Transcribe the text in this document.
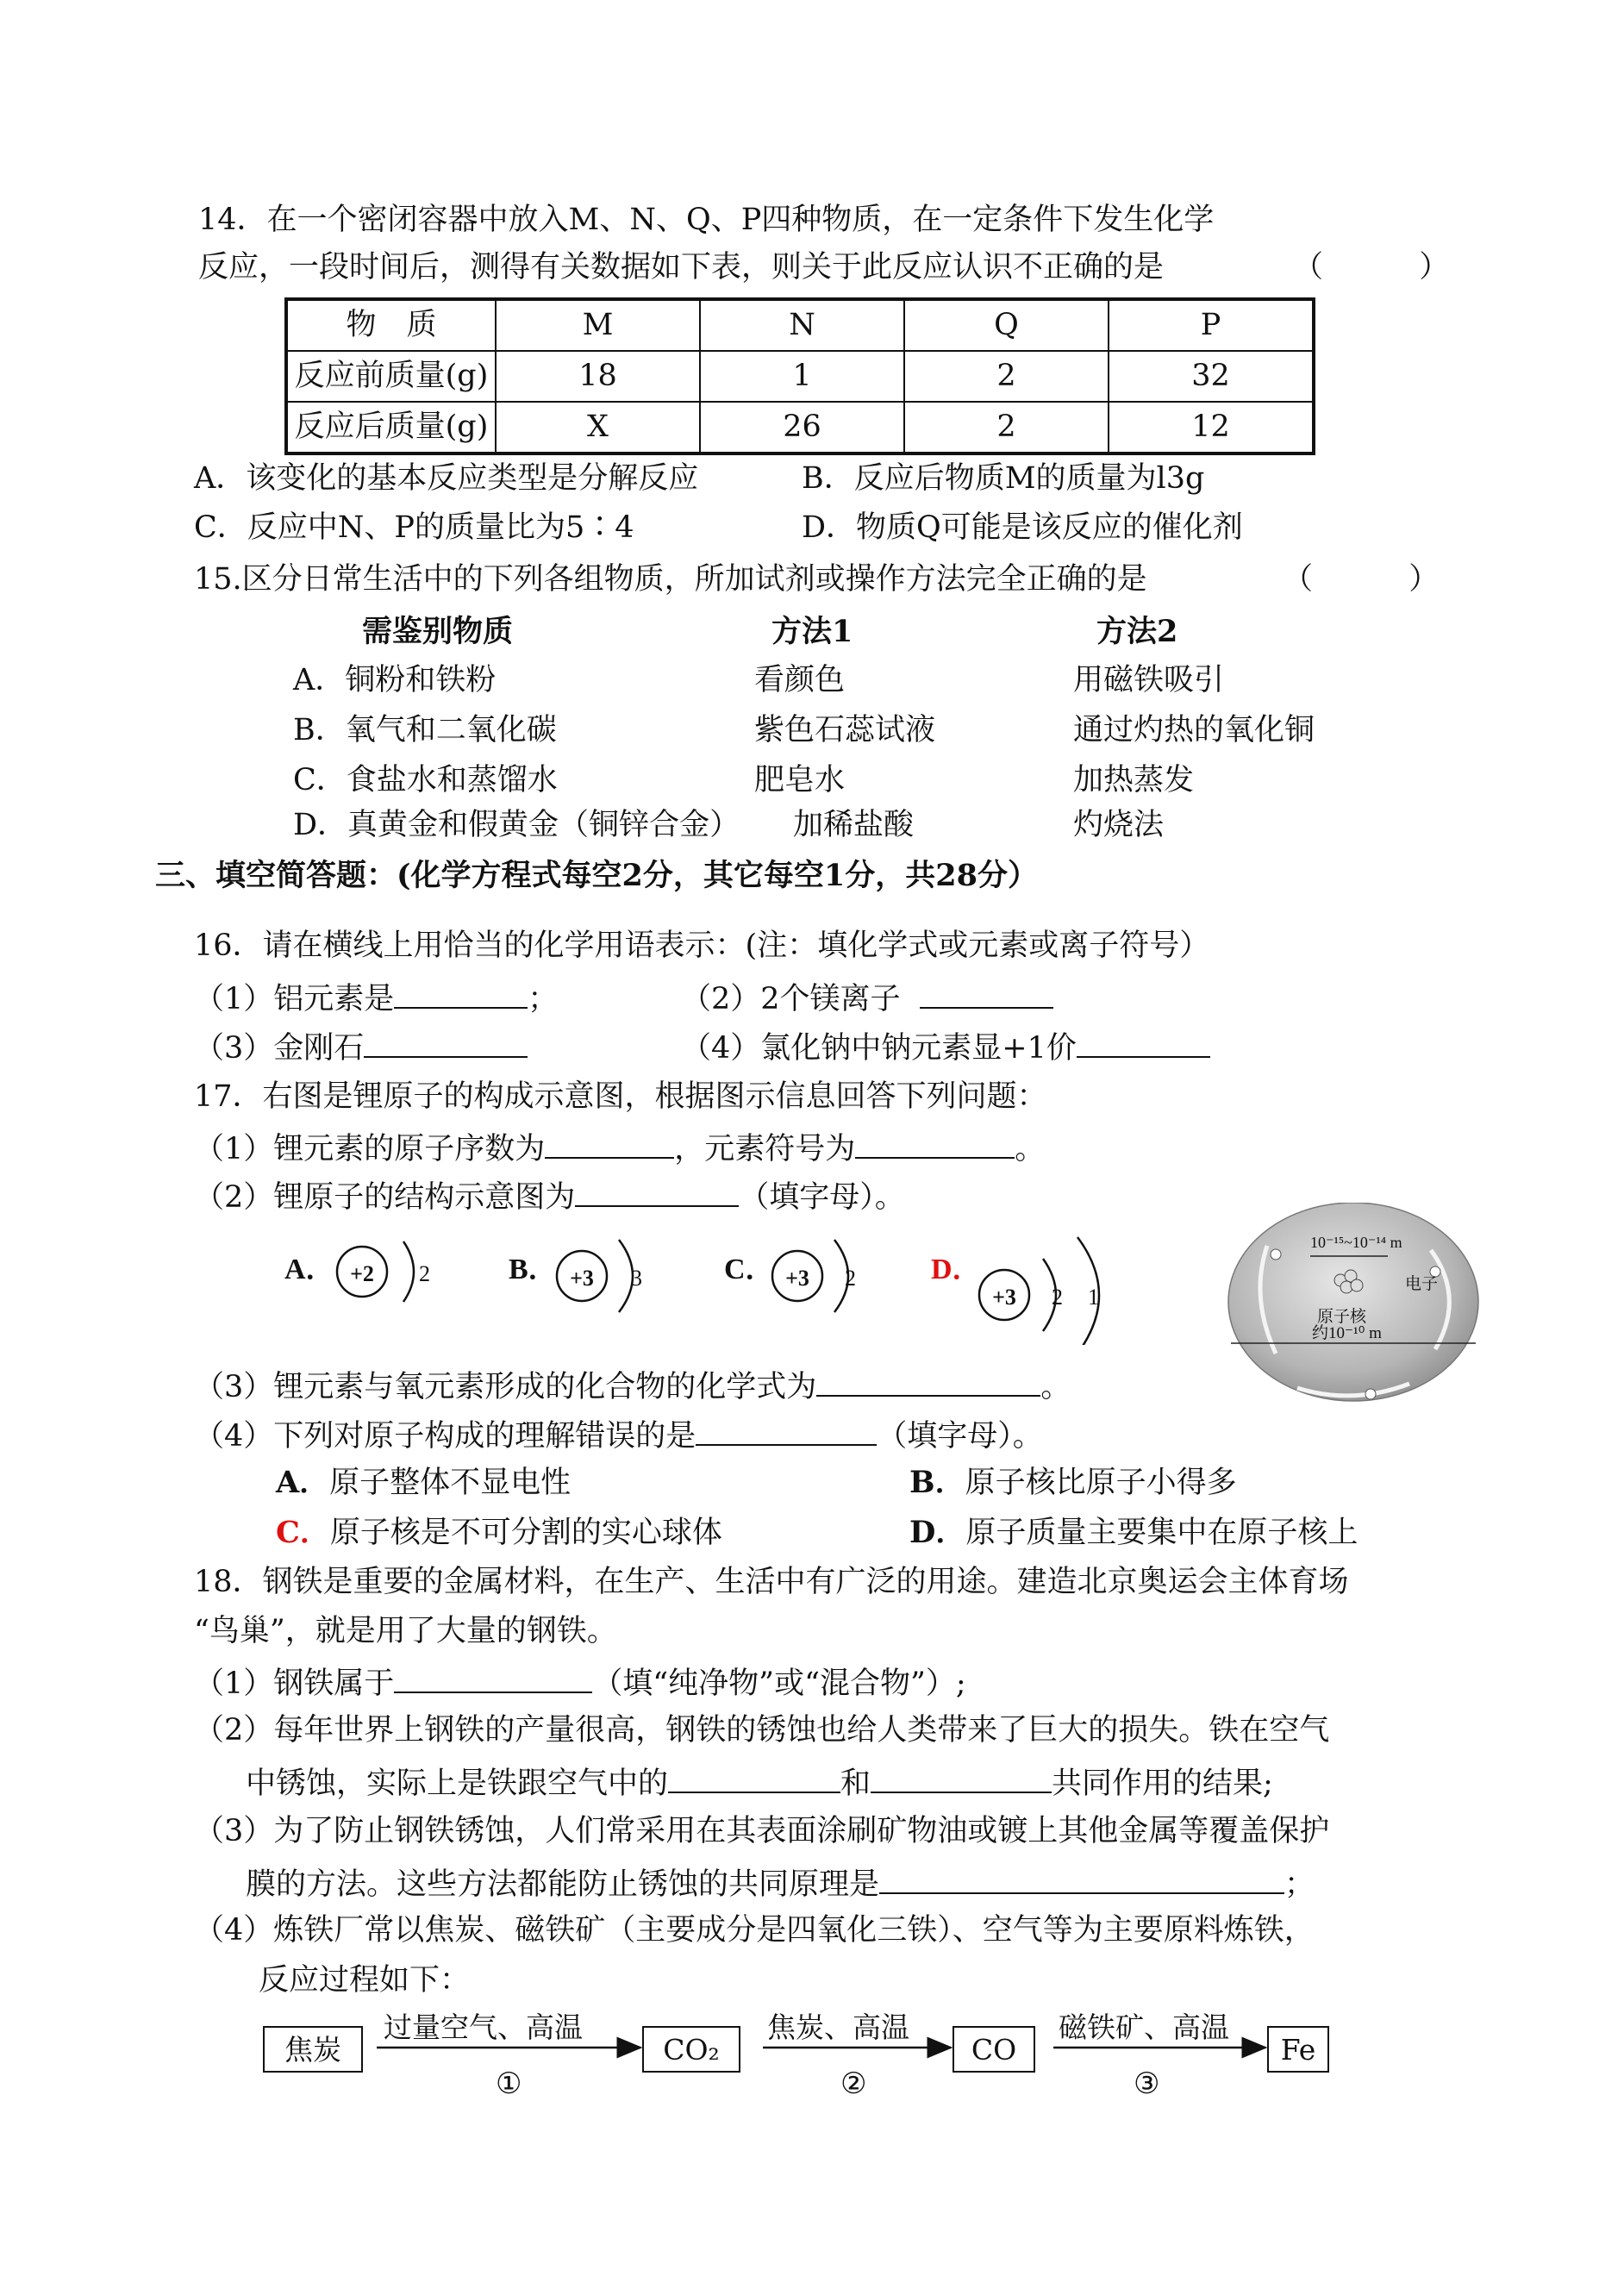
14．在一个密闭容器中放入M、N、Q、P四种物质，在一定条件下发生化学
反应，一段时间后，测得有关数据如下表，则关于此反应认识不正确的是	（          ）
物　质	M	N	Q	P
反应前质量(g)	18	1	2	32
反应后质量(g)	X	26	2	12
A．该变化的基本反应类型是分解反应	B．反应后物质M的质量为l3g
C．反应中N、P的质量比为5∶4	D．物质Q可能是该反应的催化剂
15.区分日常生活中的下列各组物质，所加试剂或操作方法完全正确的是	（          ）
需鉴别物质	方法1	方法2
A．铜粉和铁粉	看颜色	用磁铁吸引
B．氧气和二氧化碳	紫色石蕊试液	通过灼热的氧化铜
C．食盐水和蒸馏水	肥皂水	加热蒸发
D．真黄金和假黄金（铜锌合金） 加稀盐酸	灼烧法
三、填空简答题：(化学方程式每空2分，其它每空1分，共28分）
16．请在横线上用恰当的化学用语表示：(注：填化学式或元素或离子符号）
（1）铝元素是	；	（2）2个镁离子
（3）金刚石	（4）氯化钠中钠元素显+1价
17．右图是锂原子的构成示意图，根据图示信息回答下列问题：
（1）锂元素的原子序数为	，元素符号为	。
（2）锂原子的结构示意图为	（填字母）。
A． +2 2	B． +3 3	C． +3 2	D．
+3 2 1
10⁻¹⁵~10⁻¹⁴ m
电子
原子核
约10⁻¹⁰ m
（3）锂元素与氧元素形成的化合物的化学式为	。
（4）下列对原子构成的理解错误的是	（填字母）。
A．原子整体不显电性	B．原子核比原子小得多
C．原子核是不可分割的实心球体	D．原子质量主要集中在原子核上
18．钢铁是重要的金属材料，在生产、生活中有广泛的用途。建造北京奥运会主体育场
“鸟巢”，就是用了大量的钢铁。
（1）钢铁属于	（填“纯净物”或“混合物”）;
（2）每年世界上钢铁的产量很高，钢铁的锈蚀也给人类带来了巨大的损失。铁在空气
中锈蚀，实际上是铁跟空气中的	和	共同作用的结果;
（3）为了防止钢铁锈蚀，人们常采用在其表面涂刷矿物油或镀上其他金属等覆盖保护
膜的方法。这些方法都能防止锈蚀的共同原理是	；
（4）炼铁厂常以焦炭、磁铁矿（主要成分是四氧化三铁）、空气等为主要原料炼铁，
反应过程如下：
焦炭
过量空气、高温
①
CO₂
焦炭、高温
②
CO
磁铁矿、高温
③
Fe
